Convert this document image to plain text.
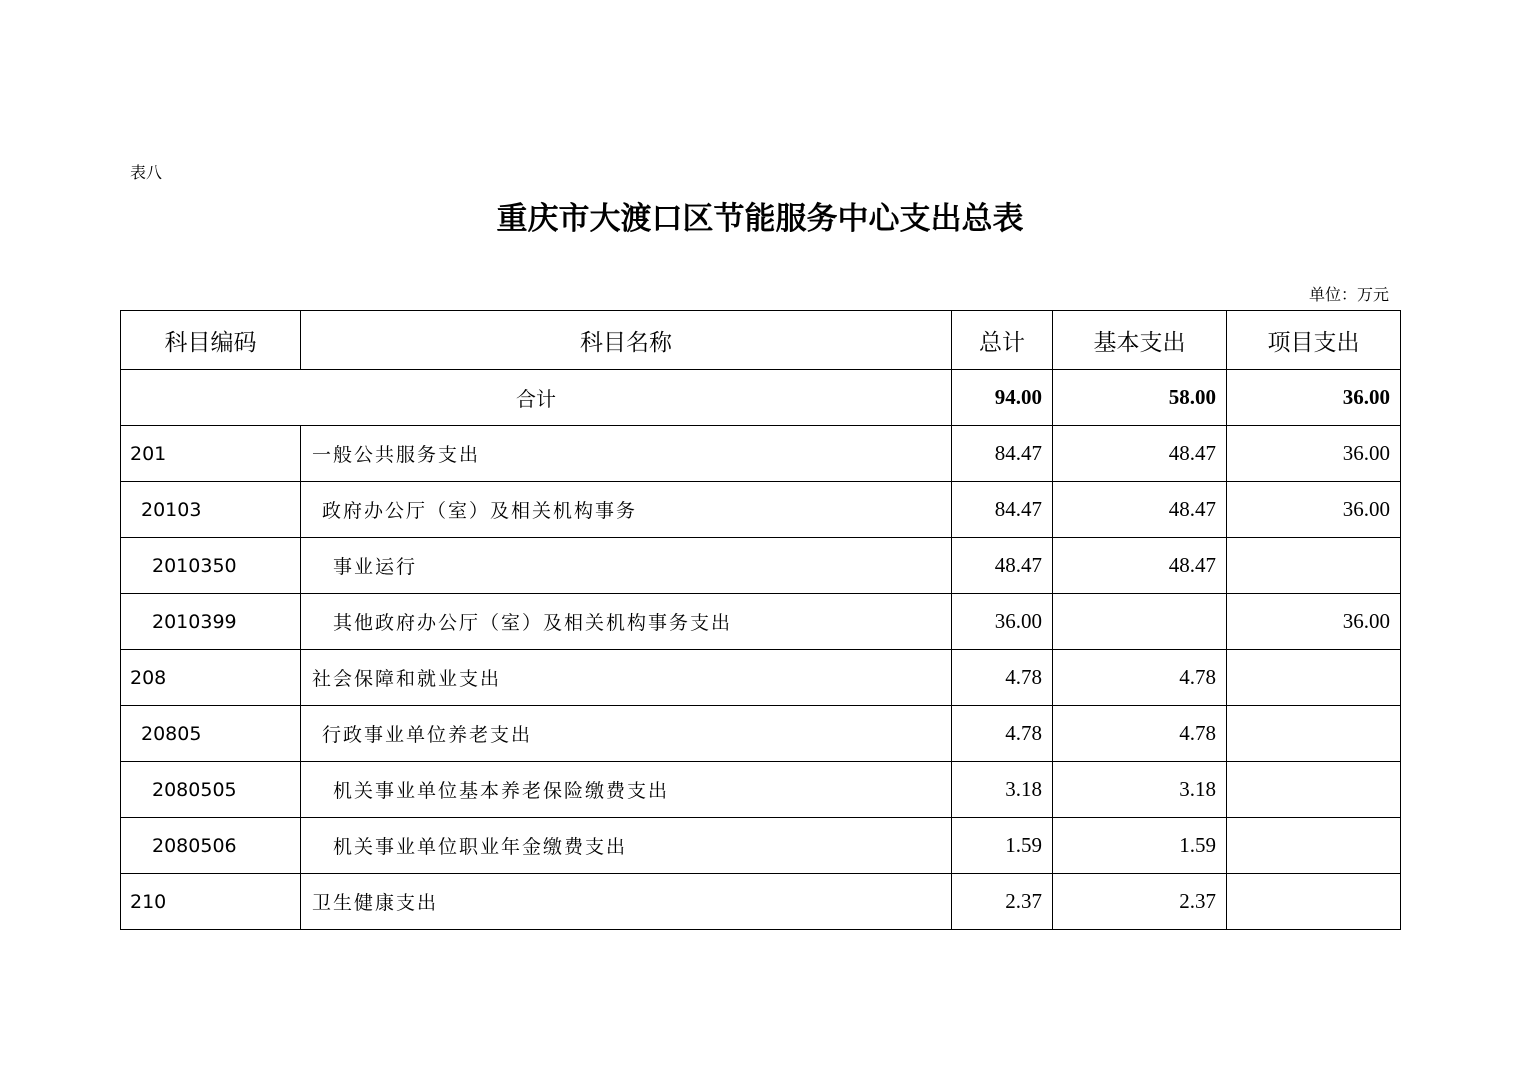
表八
重庆市大渡口区节能服务中心支出总表
单位：万元
科目编码	科目名称	总计	基本支出	项目支出
合计		94.00	58.00	36.00
201	一般公共服务支出	84.47	48.47	36.00
20103	政府办公厅（室）及相关机构事务	84.47	48.47	36.00
2010350	事业运行	48.47	48.47	
2010399	其他政府办公厅（室）及相关机构事务支出	36.00		36.00
208	社会保障和就业支出	4.78	4.78	
20805	行政事业单位养老支出	4.78	4.78	
2080505	机关事业单位基本养老保险缴费支出	3.18	3.18	
2080506	机关事业单位职业年金缴费支出	1.59	1.59	
210	卫生健康支出	2.37	2.37	
